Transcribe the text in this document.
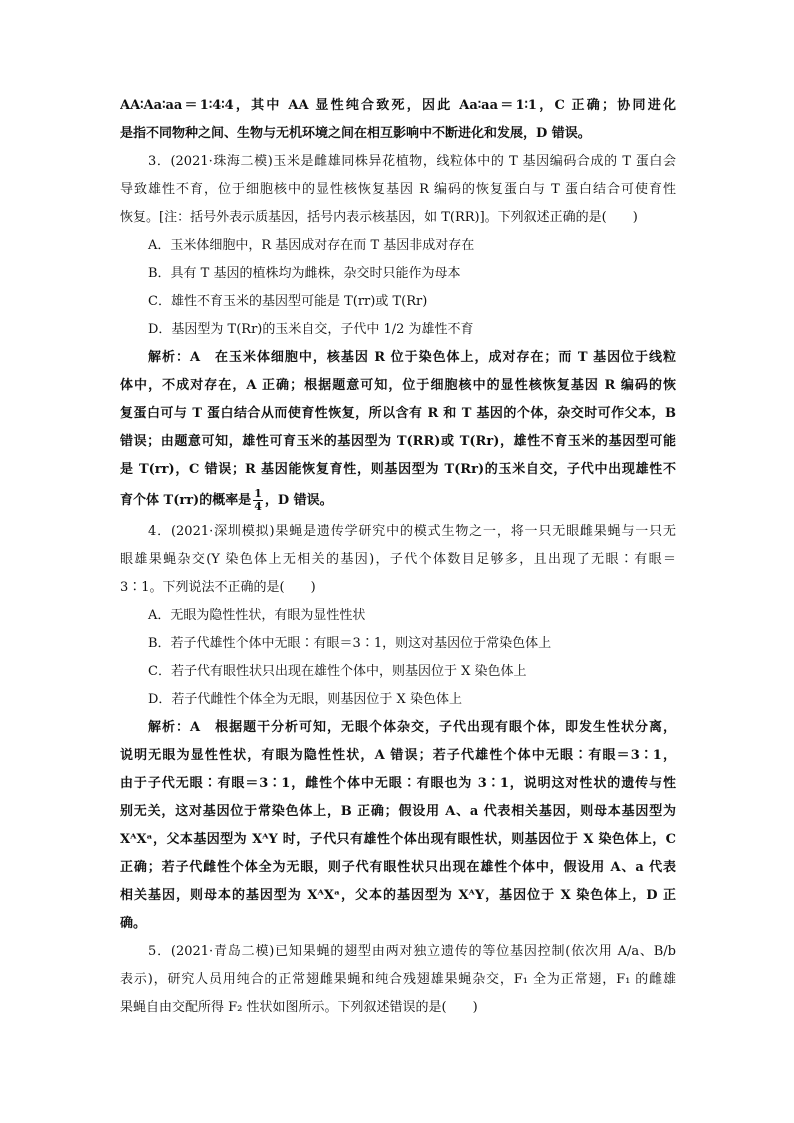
AA∶Aa∶aa＝1∶4∶4，其中 AA 显性纯合致死，因此 Aa∶aa＝1∶1，C 正确；协同进化
是指不同物种之间、生物与无机环境之间在相互影响中不断进化和发展，D 错误。
3．(2021·珠海二模)玉米是雌雄同株异花植物，线粒体中的 T 基因编码合成的 T 蛋白会
导致雄性不育，位于细胞核中的显性核恢复基因 R 编码的恢复蛋白与 T 蛋白结合可使育性
恢复。[注：括号外表示质基因，括号内表示核基因，如 T(RR)]。下列叙述正确的是(　　)
A．玉米体细胞中，R 基因成对存在而 T 基因非成对存在
B．具有 T 基因的植株均为雌株，杂交时只能作为母本
C．雄性不育玉米的基因型可能是 T(rr)或 T(Rr)
D．基因型为 T(Rr)的玉米自交，子代中 1/2 为雄性不育
解析：A　在玉米体细胞中，核基因 R 位于染色体上，成对存在；而 T 基因位于线粒
体中，不成对存在，A 正确；根据题意可知，位于细胞核中的显性核恢复基因 R 编码的恢
复蛋白可与 T 蛋白结合从而使育性恢复，所以含有 R 和 T 基因的个体，杂交时可作父本，B
错误；由题意可知，雄性可育玉米的基因型为 T(RR)或 T(Rr)，雄性不育玉米的基因型可能
是 T(rr)，C 错误；R 基因能恢复育性，则基因型为 T(Rr)的玉米自交，子代中出现雄性不
育个体 T(rr)的概率是 $\frac{1}{4}$ ，D 错误。
4．(2021·深圳模拟)果蝇是遗传学研究中的模式生物之一，将一只无眼雌果蝇与一只无
眼雄果蝇杂交(Y 染色体上无相关的基因)，子代个体数目足够多，且出现了无眼∶有眼＝
3∶1。下列说法不正确的是(　　)
A．无眼为隐性性状，有眼为显性性状
B．若子代雄性个体中无眼∶有眼＝3∶1，则这对基因位于常染色体上
C．若子代有眼性状只出现在雄性个体中，则基因位于 X 染色体上
D．若子代雌性个体全为无眼，则基因位于 X 染色体上
解析：A　根据题干分析可知，无眼个体杂交，子代出现有眼个体，即发生性状分离，
说明无眼为显性性状，有眼为隐性性状，A 错误；若子代雄性个体中无眼∶有眼＝3∶1，
由于子代无眼∶有眼＝3∶1，雌性个体中无眼∶有眼也为 3∶1，说明这对性状的遗传与性
别无关，这对基因位于常染色体上，B 正确；假设用 A、a 代表相关基因，则母本基因型为
XᴬXᵃ，父本基因型为 XᴬY 时，子代只有雄性个体出现有眼性状，则基因位于 X 染色体上，C
正确；若子代雌性个体全为无眼，则子代有眼性状只出现在雄性个体中，假设用 A、a 代表
相关基因，则母本的基因型为 XᴬXᵃ，父本的基因型为 XᴬY，基因位于 X 染色体上，D 正
确。
5．(2021·青岛二模)已知果蝇的翅型由两对独立遗传的等位基因控制(依次用 A/a、B/b
表示)，研究人员用纯合的正常翅雌果蝇和纯合残翅雄果蝇杂交，F₁ 全为正常翅，F₁ 的雌雄
果蝇自由交配所得 F₂ 性状如图所示。下列叙述错误的是(　　)
